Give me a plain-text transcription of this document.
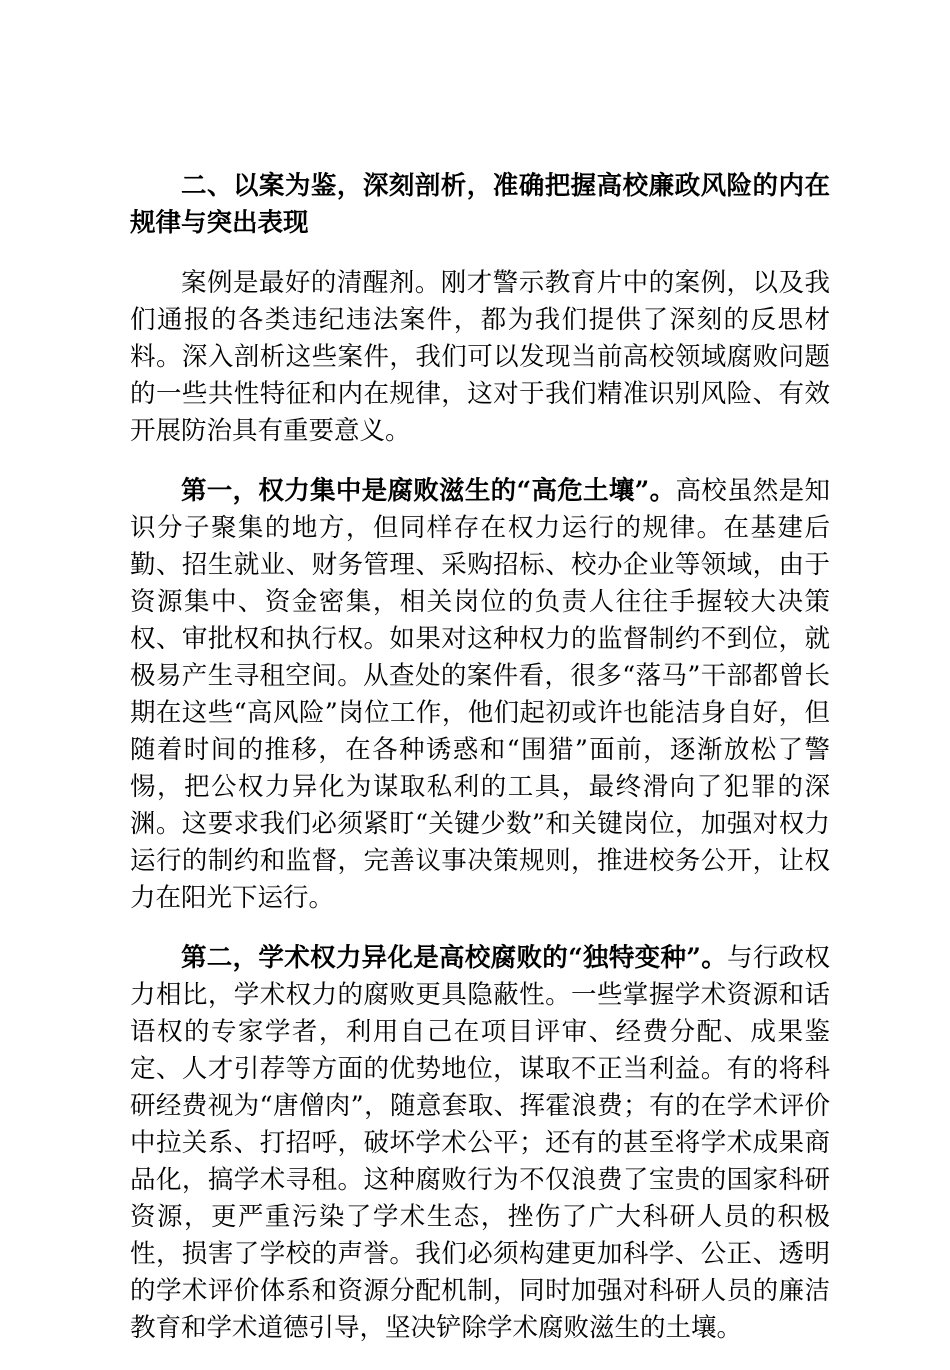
二、以案为鉴，深刻剖析，准确把握高校廉政风险的内在规律与突出表现

案例是最好的清醒剂。刚才警示教育片中的案例，以及我们通报的各类违纪违法案件，都为我们提供了深刻的反思材料。深入剖析这些案件，我们可以发现当前高校领域腐败问题的一些共性特征和内在规律，这对于我们精准识别风险、有效开展防治具有重要意义。

第一，权力集中是腐败滋生的“高危土壤”。高校虽然是知识分子聚集的地方，但同样存在权力运行的规律。在基建后勤、招生就业、财务管理、采购招标、校办企业等领域，由于资源集中、资金密集，相关岗位的负责人往往手握较大决策权、审批权和执行权。如果对这种权力的监督制约不到位，就极易产生寻租空间。从查处的案件看，很多“落马”干部都曾长期在这些“高风险”岗位工作，他们起初或许也能洁身自好，但随着时间的推移，在各种诱惑和“围猎”面前，逐渐放松了警惕，把公权力异化为谋取私利的工具，最终滑向了犯罪的深渊。这要求我们必须紧盯“关键少数”和关键岗位，加强对权力运行的制约和监督，完善议事决策规则，推进校务公开，让权力在阳光下运行。

第二，学术权力异化是高校腐败的“独特变种”。与行政权力相比，学术权力的腐败更具隐蔽性。一些掌握学术资源和话语权的专家学者，利用自己在项目评审、经费分配、成果鉴定、人才引荐等方面的优势地位，谋取不正当利益。有的将科研经费视为“唐僧肉”，随意套取、挥霍浪费；有的在学术评价中拉关系、打招呼，破坏学术公平；还有的甚至将学术成果商品化，搞学术寻租。这种腐败行为不仅浪费了宝贵的国家科研资源，更严重污染了学术生态，挫伤了广大科研人员的积极性，损害了学校的声誉。我们必须构建更加科学、公正、透明的学术评价体系和资源分配机制，同时加强对科研人员的廉洁教育和学术道德引导，坚决铲除学术腐败滋生的土壤。
